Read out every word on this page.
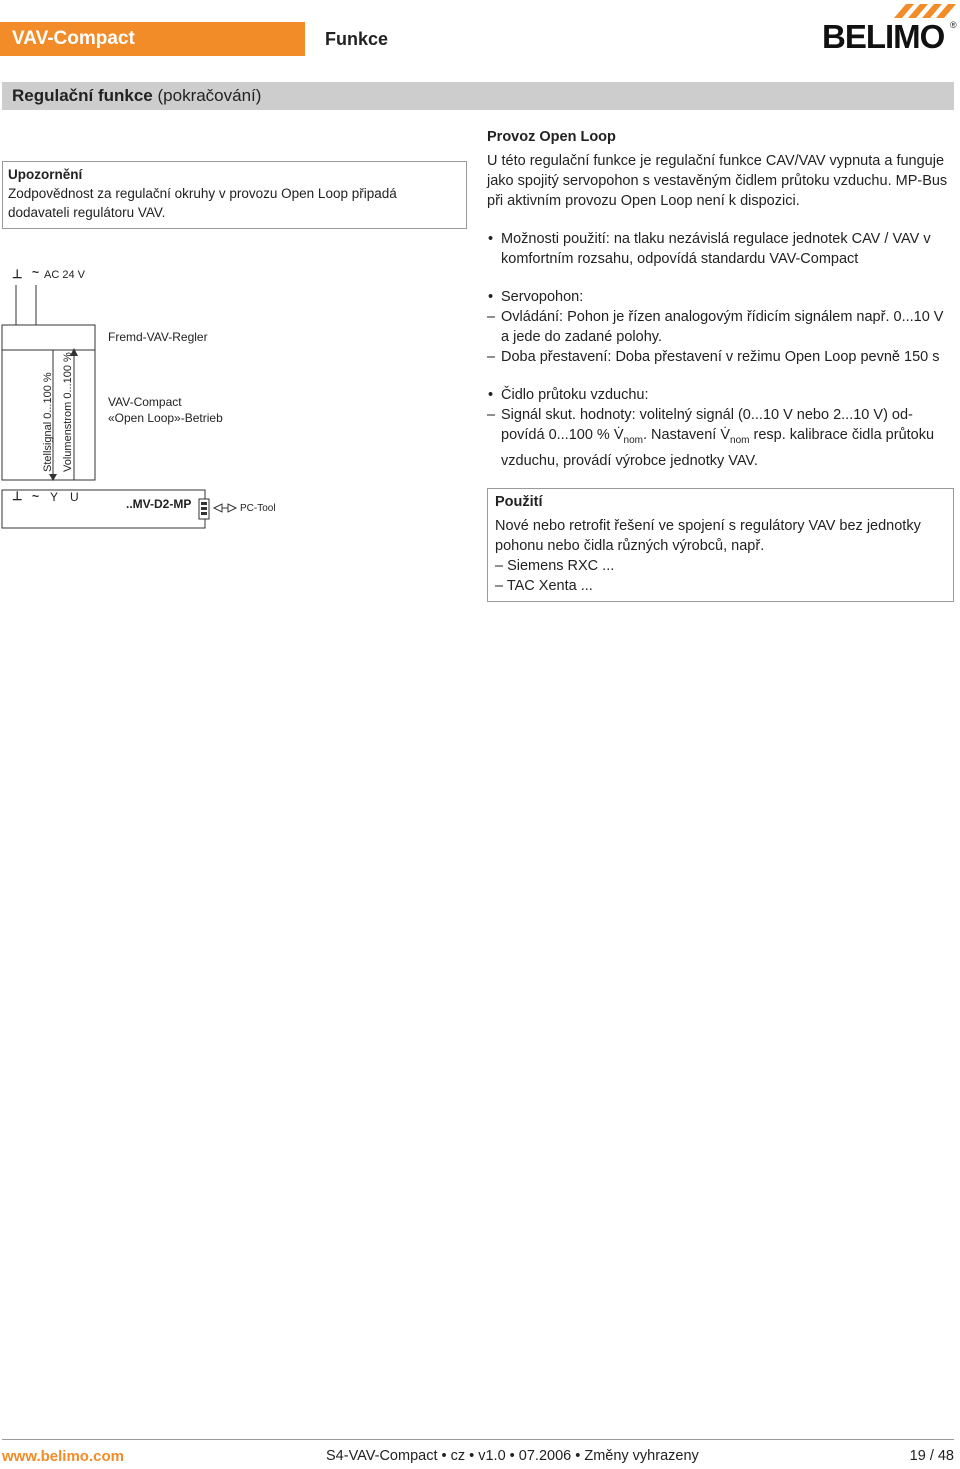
VAV-Compact	Funkce	BELIMO ®
Regulační funkce (pokračování)
Upozornění
Zodpovědnost za regulační okruhy v provozu Open Loop připadá dodavateli regulátoru VAV.
⊥ ~ AC 24 V
Fremd-VAV-Regler
VAV-Compact
«Open Loop»-Betrieb
Stellsignal 0...100 % Volumenstrom 0...100 %
⊥ ~ Y U	..MV-D2-MP	PC-Tool
Provoz Open Loop
U této regulační funkce je regulační funkce CAV/VAV vypnuta a funguje jako spojitý servopohon s vestavěným čidlem průtoku vzduchu. MP-Bus při aktivním provozu Open Loop není k dispozici.
• Možnosti použití: na tlaku nezávislá regulace jednotek CAV / VAV v komfortním rozsahu, odpovídá standardu VAV-Compact
• Servopohon:
– Ovládání: Pohon je řízen analogovým řídicím signálem např. 0...10 V a jede do zadané polohy.
– Doba přestavení: Doba přestavení v režimu Open Loop pevně 150 s
• Čidlo průtoku vzduchu:
– Signál skut. hodnoty: volitelný signál (0...10 V nebo 2...10 V) od-povídá 0...100 % $V̇_{nom}$. Nastavení $V̇_{nom}$ resp. kalibrace čidla průtoku vzduchu, provádí výrobce jednotky VAV.
Použití
Nové nebo retrofit řešení ve spojení s regulátory VAV bez jednotky pohonu nebo čidla různých výrobců, např.
– Siemens RXC ...
– TAC Xenta ...
www.belimo.com	S4-VAV-Compact • cz • v1.0 • 07.2006 • Změny vyhrazeny	19 / 48
